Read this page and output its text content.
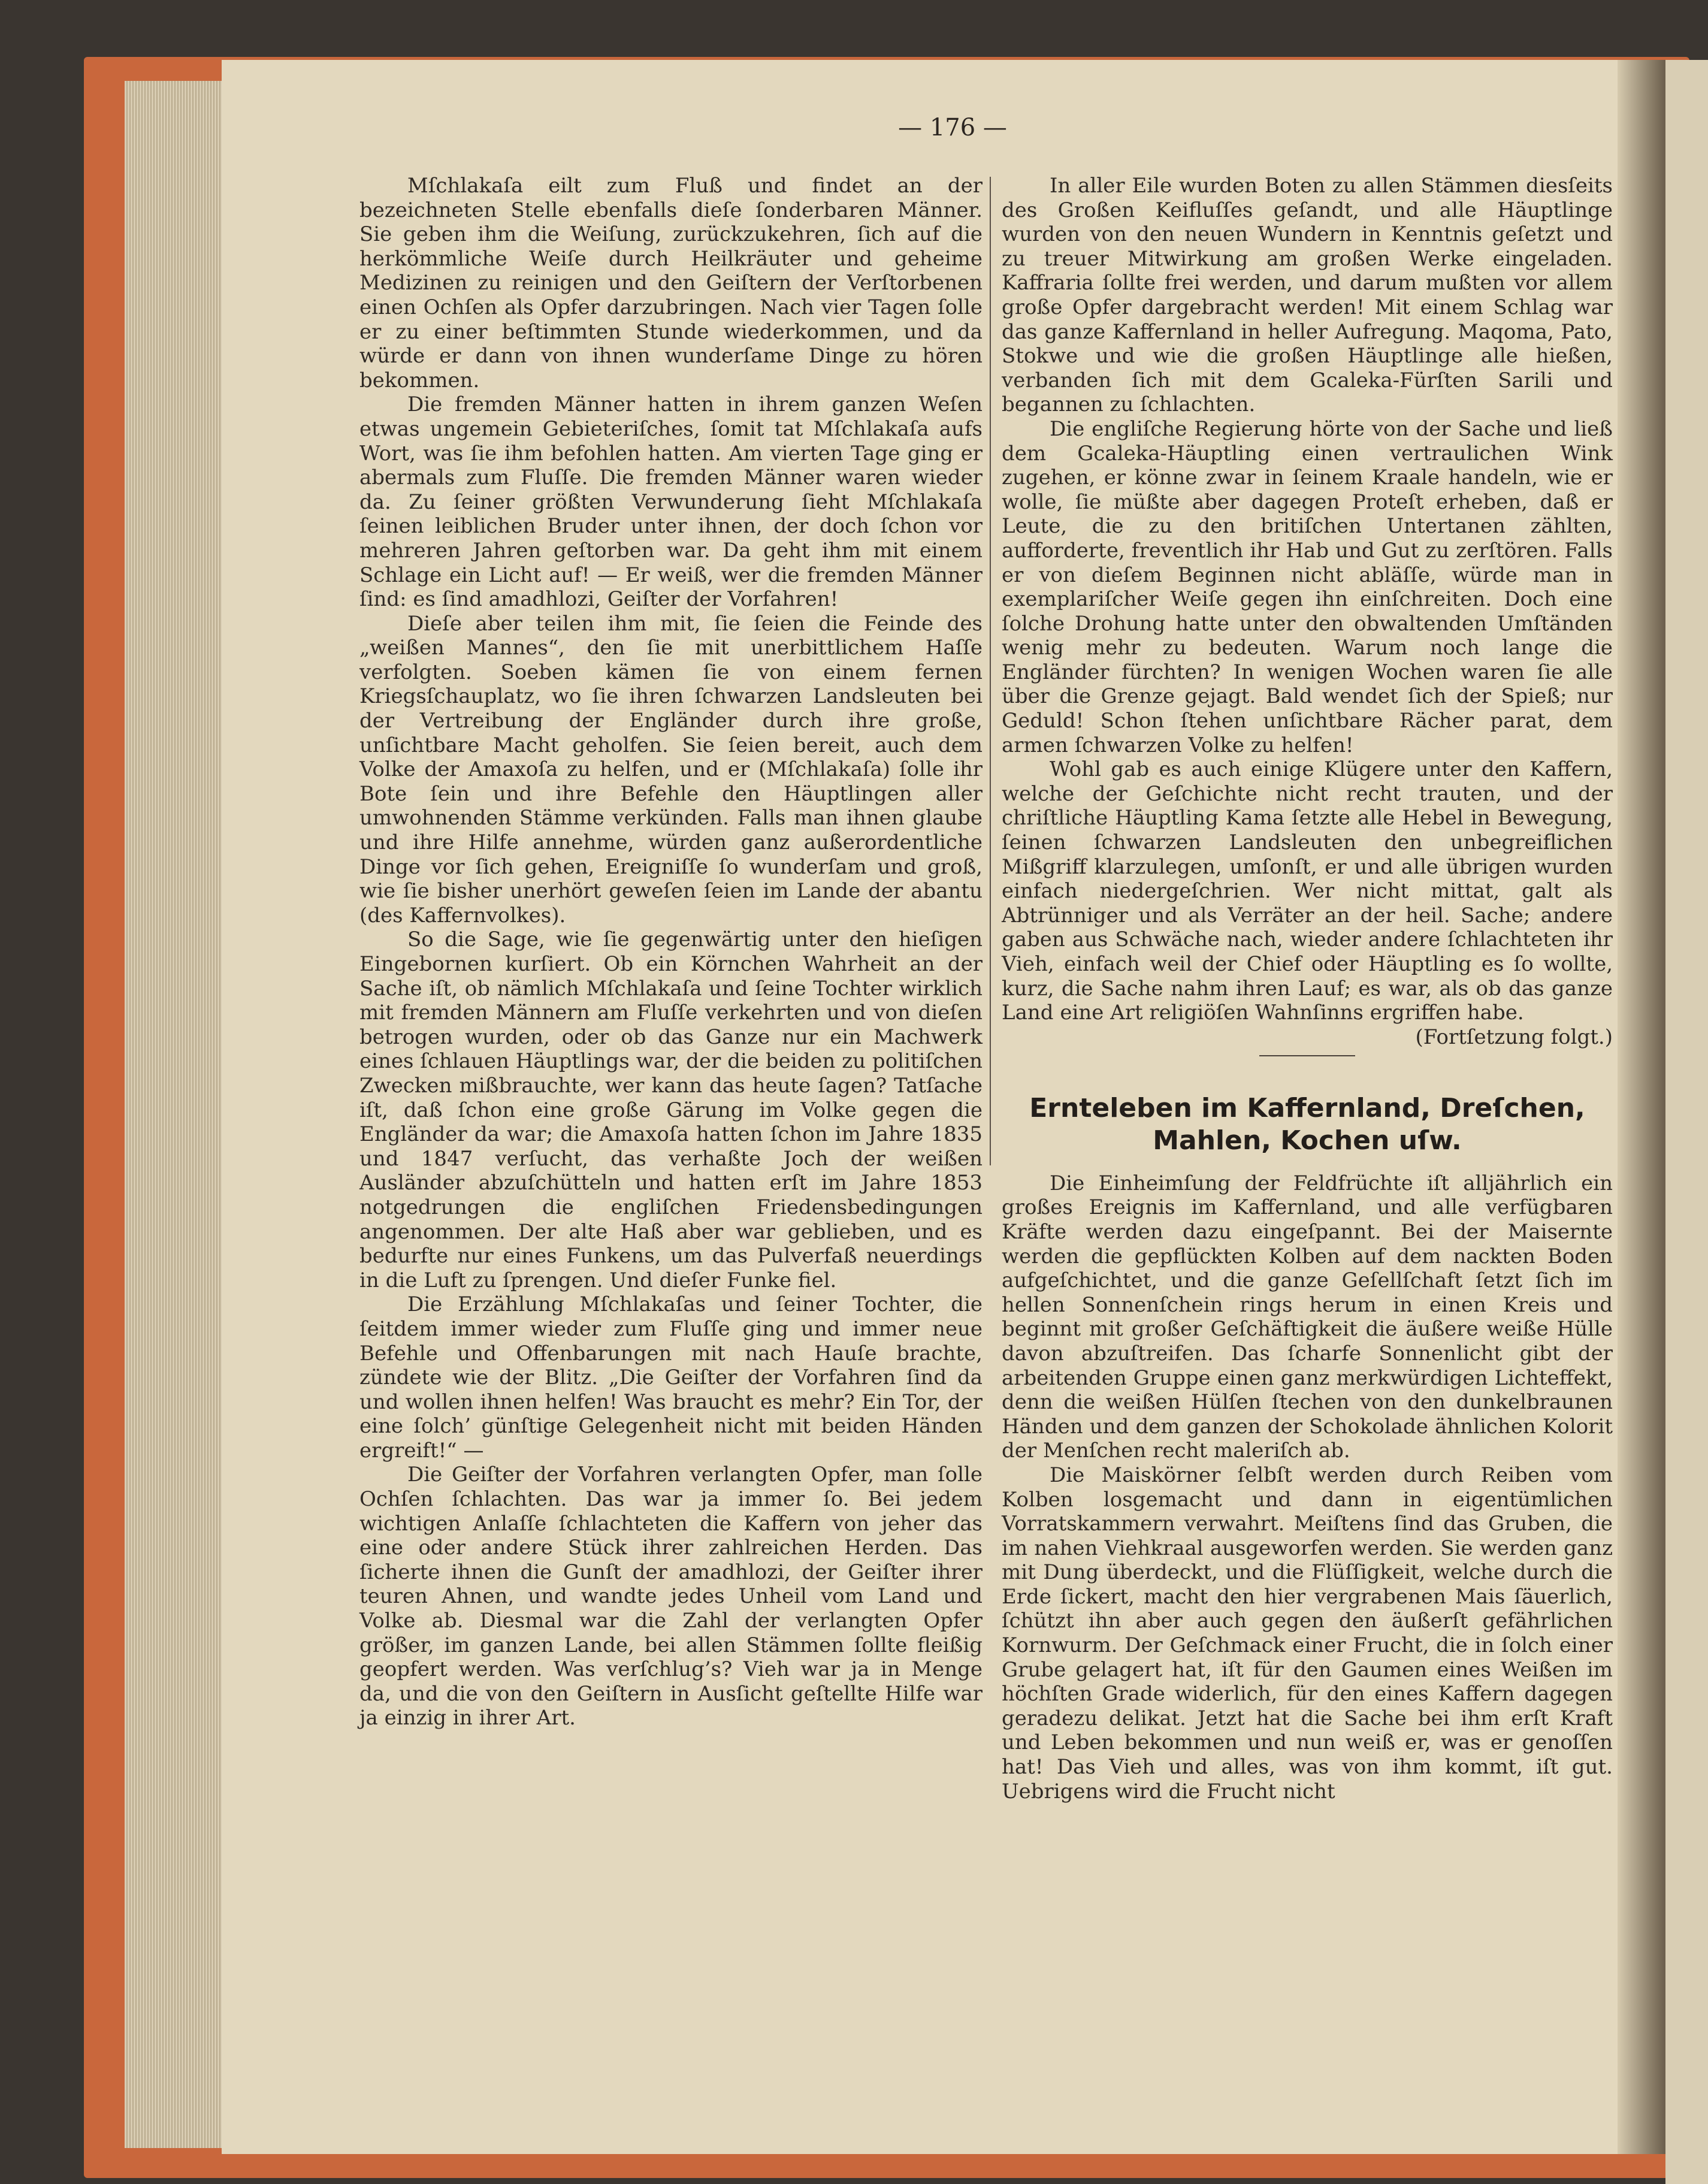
— 176 —

Mſchlakaſa eilt zum Fluß und findet an der bezeichneten Stelle ebenfalls dieſe ſonderbaren Männer. Sie geben ihm die Weiſung, zurückzukehren, ſich auf die herkömmliche Weiſe durch Heilkräuter und geheime Medizinen zu reinigen und den Geiſtern der Verſtorbenen einen Ochſen als Opfer darzubringen. Nach vier Tagen ſolle er zu einer beſtimmten Stunde wiederkommen, und da würde er dann von ihnen wunderſame Dinge zu hören bekommen.

Die fremden Männer hatten in ihrem ganzen Weſen etwas ungemein Gebieteriſches, ſomit tat Mſchlakaſa aufs Wort, was ſie ihm befohlen hatten. Am vierten Tage ging er abermals zum Fluſſe. Die fremden Männer waren wieder da. Zu ſeiner größten Verwunderung ſieht Mſchlakaſa ſeinen leiblichen Bruder unter ihnen, der doch ſchon vor mehreren Jahren geſtorben war. Da geht ihm mit einem Schlage ein Licht auf! — Er weiß, wer die fremden Männer ſind: es ſind amadhlozi, Geiſter der Vorfahren!

Dieſe aber teilen ihm mit, ſie ſeien die Feinde des „weißen Mannes“, den ſie mit unerbittlichem Haſſe verfolgten. Soeben kämen ſie von einem fernen Kriegsſchauplatz, wo ſie ihren ſchwarzen Landsleuten bei der Vertreibung der Engländer durch ihre große, unſichtbare Macht geholfen. Sie ſeien bereit, auch dem Volke der Amaxoſa zu helfen, und er (Mſchlakaſa) ſolle ihr Bote ſein und ihre Befehle den Häuptlingen aller umwohnenden Stämme verkünden. Falls man ihnen glaube und ihre Hilfe annehme, würden ganz außerordentliche Dinge vor ſich gehen, Ereigniſſe ſo wunderſam und groß, wie ſie bisher unerhört geweſen ſeien im Lande der abantu (des Kaffernvolkes).

So die Sage, wie ſie gegenwärtig unter den hieſigen Eingebornen kurſiert. Ob ein Körnchen Wahrheit an der Sache iſt, ob nämlich Mſchlakaſa und ſeine Tochter wirklich mit fremden Männern am Fluſſe verkehrten und von dieſen betrogen wurden, oder ob das Ganze nur ein Machwerk eines ſchlauen Häuptlings war, der die beiden zu politiſchen Zwecken mißbrauchte, wer kann das heute ſagen? Tatſache iſt, daß ſchon eine große Gärung im Volke gegen die Engländer da war; die Amaxoſa hatten ſchon im Jahre 1835 und 1847 verſucht, das verhaßte Joch der weißen Ausländer abzuſchütteln und hatten erſt im Jahre 1853 notgedrungen die engliſchen Friedensbedingungen angenommen. Der alte Haß aber war geblieben, und es bedurfte nur eines Funkens, um das Pulverfaß neuerdings in die Luft zu ſprengen. Und dieſer Funke fiel.

Die Erzählung Mſchlakaſas und ſeiner Tochter, die ſeitdem immer wieder zum Fluſſe ging und immer neue Befehle und Offenbarungen mit nach Hauſe brachte, zündete wie der Blitz. „Die Geiſter der Vorfahren ſind da und wollen ihnen helfen! Was braucht es mehr? Ein Tor, der eine ſolch’ günſtige Gelegenheit nicht mit beiden Händen ergreift!“ —

Die Geiſter der Vorfahren verlangten Opfer, man ſolle Ochſen ſchlachten. Das war ja immer ſo. Bei jedem wichtigen Anlaſſe ſchlachteten die Kaffern von jeher das eine oder andere Stück ihrer zahlreichen Herden. Das ſicherte ihnen die Gunſt der amadhlozi, der Geiſter ihrer teuren Ahnen, und wandte jedes Unheil vom Land und Volke ab. Diesmal war die Zahl der verlangten Opfer größer, im ganzen Lande, bei allen Stämmen ſollte fleißig geopfert werden. Was verſchlug’s? Vieh war ja in Menge da, und die von den Geiſtern in Ausſicht geſtellte Hilfe war ja einzig in ihrer Art.

In aller Eile wurden Boten zu allen Stämmen diesſeits des Großen Keifluſſes geſandt, und alle Häuptlinge wurden von den neuen Wundern in Kenntnis geſetzt und zu treuer Mitwirkung am großen Werke eingeladen. Kaffraria ſollte frei werden, und darum mußten vor allem große Opfer dargebracht werden! Mit einem Schlag war das ganze Kaffernland in heller Aufregung. Maqoma, Pato, Stokwe und wie die großen Häuptlinge alle hießen, verbanden ſich mit dem Gcaleka-Fürſten Sarili und begannen zu ſchlachten.

Die engliſche Regierung hörte von der Sache und ließ dem Gcaleka-Häuptling einen vertraulichen Wink zugehen, er könne zwar in ſeinem Kraale handeln, wie er wolle, ſie müßte aber dagegen Proteſt erheben, daß er Leute, die zu den britiſchen Untertanen zählten, aufforderte, freventlich ihr Hab und Gut zu zerſtören. Falls er von dieſem Beginnen nicht abläſſe, würde man in exemplariſcher Weiſe gegen ihn einſchreiten. Doch eine ſolche Drohung hatte unter den obwaltenden Umſtänden wenig mehr zu bedeuten. Warum noch lange die Engländer fürchten? In wenigen Wochen waren ſie alle über die Grenze gejagt. Bald wendet ſich der Spieß; nur Geduld! Schon ſtehen unſichtbare Rächer parat, dem armen ſchwarzen Volke zu helfen!

Wohl gab es auch einige Klügere unter den Kaffern, welche der Geſchichte nicht recht trauten, und der chriſtliche Häuptling Kama ſetzte alle Hebel in Bewegung, ſeinen ſchwarzen Landsleuten den unbegreiflichen Mißgriff klarzulegen, umſonſt, er und alle übrigen wurden einfach niedergeſchrien. Wer nicht mittat, galt als Abtrünniger und als Verräter an der heil. Sache; andere gaben aus Schwäche nach, wieder andere ſchlachteten ihr Vieh, einfach weil der Chief oder Häuptling es ſo wollte, kurz, die Sache nahm ihren Lauf; es war, als ob das ganze Land eine Art religiöſen Wahnſinns ergriffen habe.
(Fortſetzung folgt.)

Ernteleben im Kaffernland, Dreſchen, Mahlen, Kochen uſw.

Die Einheimſung der Feldfrüchte iſt alljährlich ein großes Ereignis im Kaffernland, und alle verfügbaren Kräfte werden dazu eingeſpannt. Bei der Maisernte werden die gepflückten Kolben auf dem nackten Boden aufgeſchichtet, und die ganze Geſellſchaft ſetzt ſich im hellen Sonnenſchein rings herum in einen Kreis und beginnt mit großer Geſchäftigkeit die äußere weiße Hülle davon abzuſtreifen. Das ſcharfe Sonnenlicht gibt der arbeitenden Gruppe einen ganz merkwürdigen Lichteffekt, denn die weißen Hülſen ſtechen von den dunkelbraunen Händen und dem ganzen der Schokolade ähnlichen Kolorit der Menſchen recht maleriſch ab.

Die Maiskörner ſelbſt werden durch Reiben vom Kolben losgemacht und dann in eigentümlichen Vorratskammern verwahrt. Meiſtens ſind das Gruben, die im nahen Viehkraal ausgeworfen werden. Sie werden ganz mit Dung überdeckt, und die Flüſſigkeit, welche durch die Erde ſickert, macht den hier vergrabenen Mais ſäuerlich, ſchützt ihn aber auch gegen den äußerſt gefährlichen Kornwurm. Der Geſchmack einer Frucht, die in ſolch einer Grube gelagert hat, iſt für den Gaumen eines Weißen im höchſten Grade widerlich, für den eines Kaffern dagegen geradezu delikat. Jetzt hat die Sache bei ihm erſt Kraft und Leben bekommen und nun weiß er, was er genoſſen hat! Das Vieh und alles, was von ihm kommt, iſt gut. Uebrigens wird die Frucht nicht
